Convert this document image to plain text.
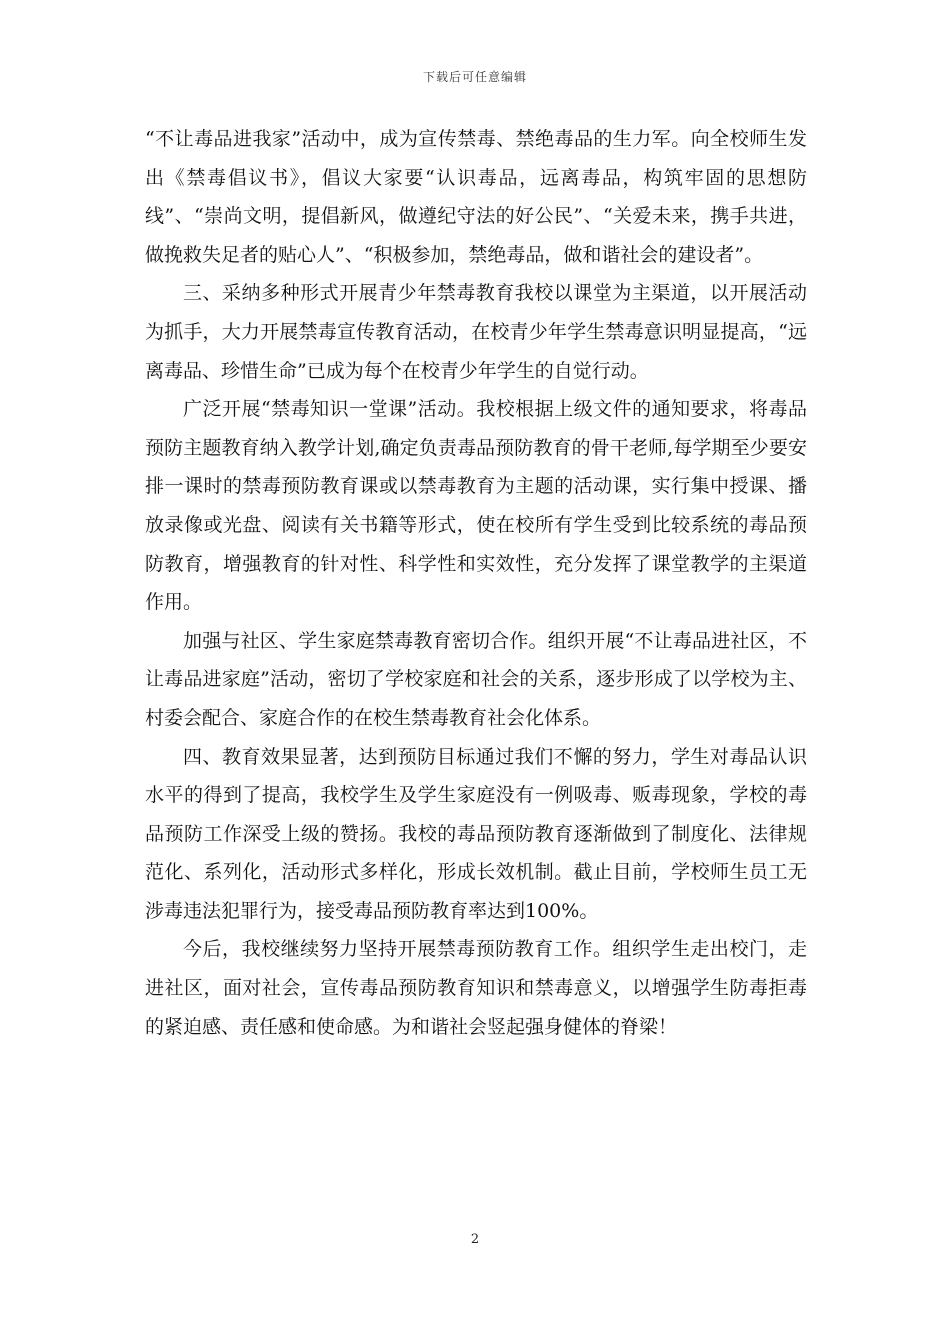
下载后可任意编辑

“不让毒品进我家”活动中，成为宣传禁毒、禁绝毒品的生力军。向全校师生发出《禁毒倡议书》，倡议大家要“认识毒品，远离毒品，构筑牢固的思想防线”、“崇尚文明，提倡新风，做遵纪守法的好公民”、“关爱未来，携手共进，做挽救失足者的贴心人”、“积极参加，禁绝毒品，做和谐社会的建设者”。

三、采纳多种形式开展青少年禁毒教育我校以课堂为主渠道，以开展活动为抓手，大力开展禁毒宣传教育活动，在校青少年学生禁毒意识明显提高，“远离毒品、珍惜生命”已成为每个在校青少年学生的自觉行动。

广泛开展“禁毒知识一堂课”活动。我校根据上级文件的通知要求，将毒品预防主题教育纳入教学计划,确定负责毒品预防教育的骨干老师,每学期至少要安排一课时的禁毒预防教育课或以禁毒教育为主题的活动课，实行集中授课、播放录像或光盘、阅读有关书籍等形式，使在校所有学生受到比较系统的毒品预防教育，增强教育的针对性、科学性和实效性，充分发挥了课堂教学的主渠道作用。

加强与社区、学生家庭禁毒教育密切合作。组织开展“不让毒品进社区，不让毒品进家庭”活动，密切了学校家庭和社会的关系，逐步形成了以学校为主、村委会配合、家庭合作的在校生禁毒教育社会化体系。

四、教育效果显著，达到预防目标通过我们不懈的努力，学生对毒品认识水平的得到了提高，我校学生及学生家庭没有一例吸毒、贩毒现象，学校的毒品预防工作深受上级的赞扬。我校的毒品预防教育逐渐做到了制度化、法律规范化、系列化，活动形式多样化，形成长效机制。截止目前，学校师生员工无涉毒违法犯罪行为，接受毒品预防教育率达到100%。

今后，我校继续努力坚持开展禁毒预防教育工作。组织学生走出校门，走进社区，面对社会，宣传毒品预防教育知识和禁毒意义，以增强学生防毒拒毒的紧迫感、责任感和使命感。为和谐社会竖起强身健体的脊梁！

2
